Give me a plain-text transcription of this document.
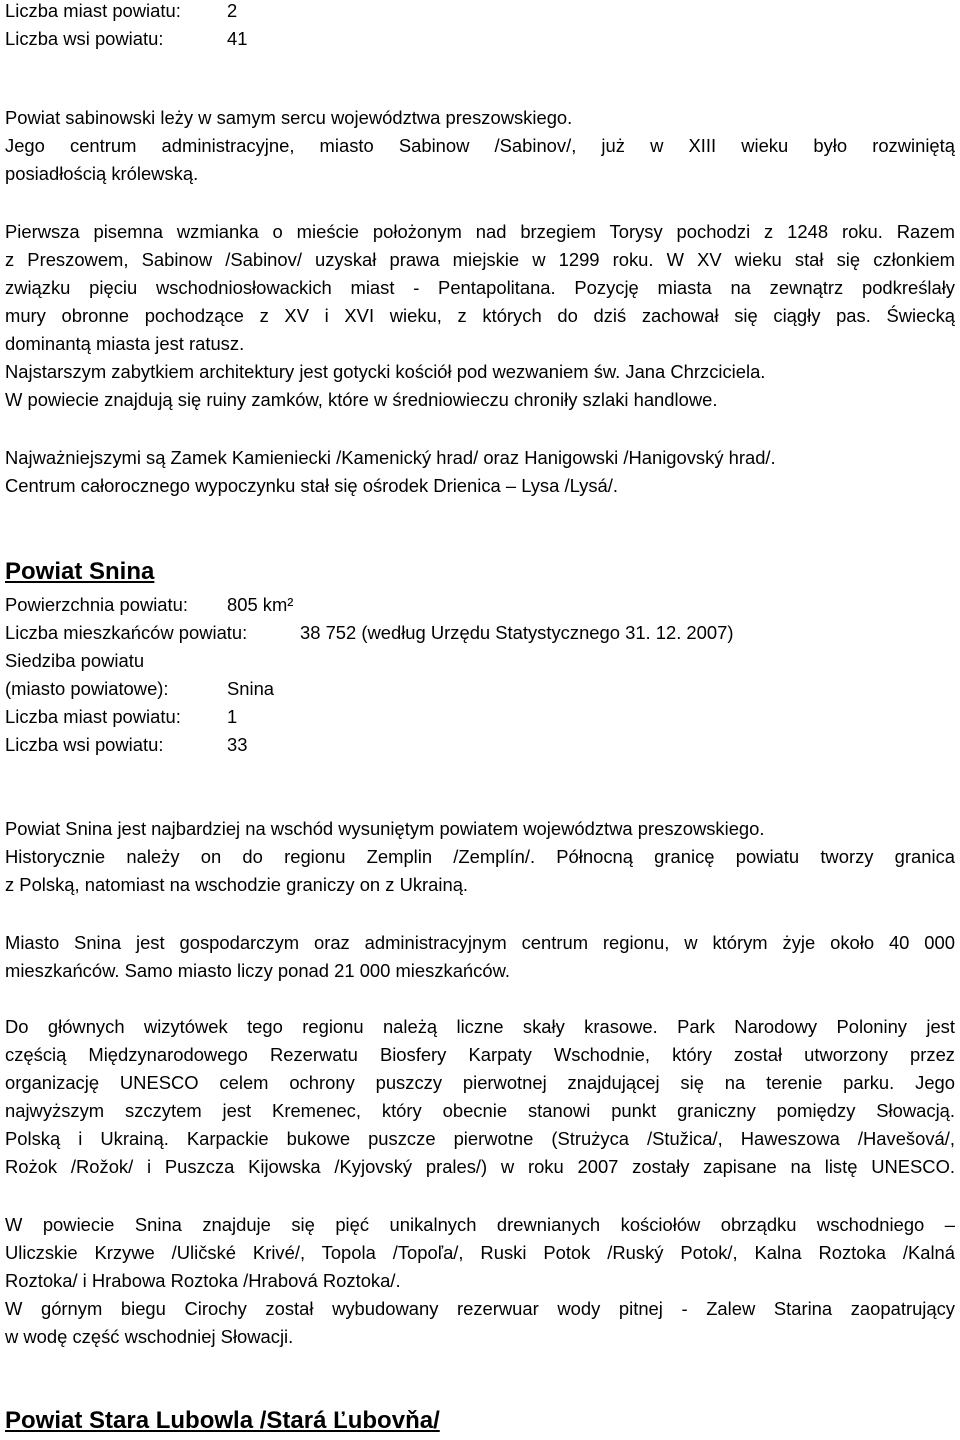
Liczba miast powiatu:	2
Liczba wsi powiatu:	41
Powiat sabinowski leży w samym sercu województwa preszowskiego.
Jego centrum administracyjne, miasto Sabinow /Sabinov/, już w XIII wieku było rozwiniętą
posiadłością królewską.
Pierwsza pisemna wzmianka o mieście położonym nad brzegiem Torysy pochodzi z 1248 roku. Razem
z Preszowem, Sabinow /Sabinov/ uzyskał prawa miejskie w 1299 roku. W XV wieku stał się członkiem
związku pięciu wschodniosłowackich miast - Pentapolitana. Pozycję miasta na zewnątrz podkreślały
mury obronne pochodzące z XV i XVI wieku, z których do dziś zachował się ciągły pas. Świecką
dominantą miasta jest ratusz.
Najstarszym zabytkiem architektury jest gotycki kościół pod wezwaniem św. Jana Chrzciciela.
W powiecie znajdują się ruiny zamków, które w średniowieczu chroniły szlaki handlowe.
Najważniejszymi są Zamek Kamieniecki /Kamenický hrad/ oraz Hanigowski /Hanigovský hrad/.
Centrum całorocznego wypoczynku stał się ośrodek Drienica – Lysa /Lysá/.
Powiat Snina
Powierzchnia powiatu: 805 km²
Liczba mieszkańców powiatu:	38 752 (według Urzędu Statystycznego 31. 12. 2007)
Siedziba powiatu
(miasto powiatowe):	Snina
Liczba miast powiatu:	1
Liczba wsi powiatu:	33
Powiat Snina jest najbardziej na wschód wysuniętym powiatem województwa preszowskiego.
Historycznie należy on do regionu Zemplin /Zemplín/. Północną granicę powiatu tworzy granica
z Polską, natomiast na wschodzie graniczy on z Ukrainą.
Miasto Snina jest gospodarczym oraz administracyjnym centrum regionu, w którym żyje około 40 000
mieszkańców. Samo miasto liczy ponad 21 000 mieszkańców.
Do głównych wizytówek tego regionu należą liczne skały krasowe. Park Narodowy Poloniny jest
częścią Międzynarodowego Rezerwatu Biosfery Karpaty Wschodnie, który został utworzony przez
organizację UNESCO celem ochrony puszczy pierwotnej znajdującej się na terenie parku. Jego
najwyższym szczytem jest Kremenec, który obecnie stanowi punkt graniczny pomiędzy Słowacją.
Polską i Ukrainą. Karpackie bukowe puszcze pierwotne (Strużyca /Stužica/, Haweszowa /Havešová/,
Rożok /Rožok/ i Puszcza Kijowska /Kyjovský prales/) w roku 2007 zostały zapisane na listę UNESCO.
W powiecie Snina znajduje się pięć unikalnych drewnianych kościołów obrządku wschodniego –
Uliczskie Krzywe /Uličské Krivé/, Topola /Topoľa/, Ruski Potok /Ruský Potok/, Kalna Roztoka /Kalná
Roztoka/ i Hrabowa Roztoka /Hrabová Roztoka/.
W górnym biegu Cirochy został wybudowany rezerwuar wody pitnej - Zalew Starina zaopatrujący
w wodę część wschodniej Słowacji.
Powiat Stara Lubowla /Stará Ľubovňa/
